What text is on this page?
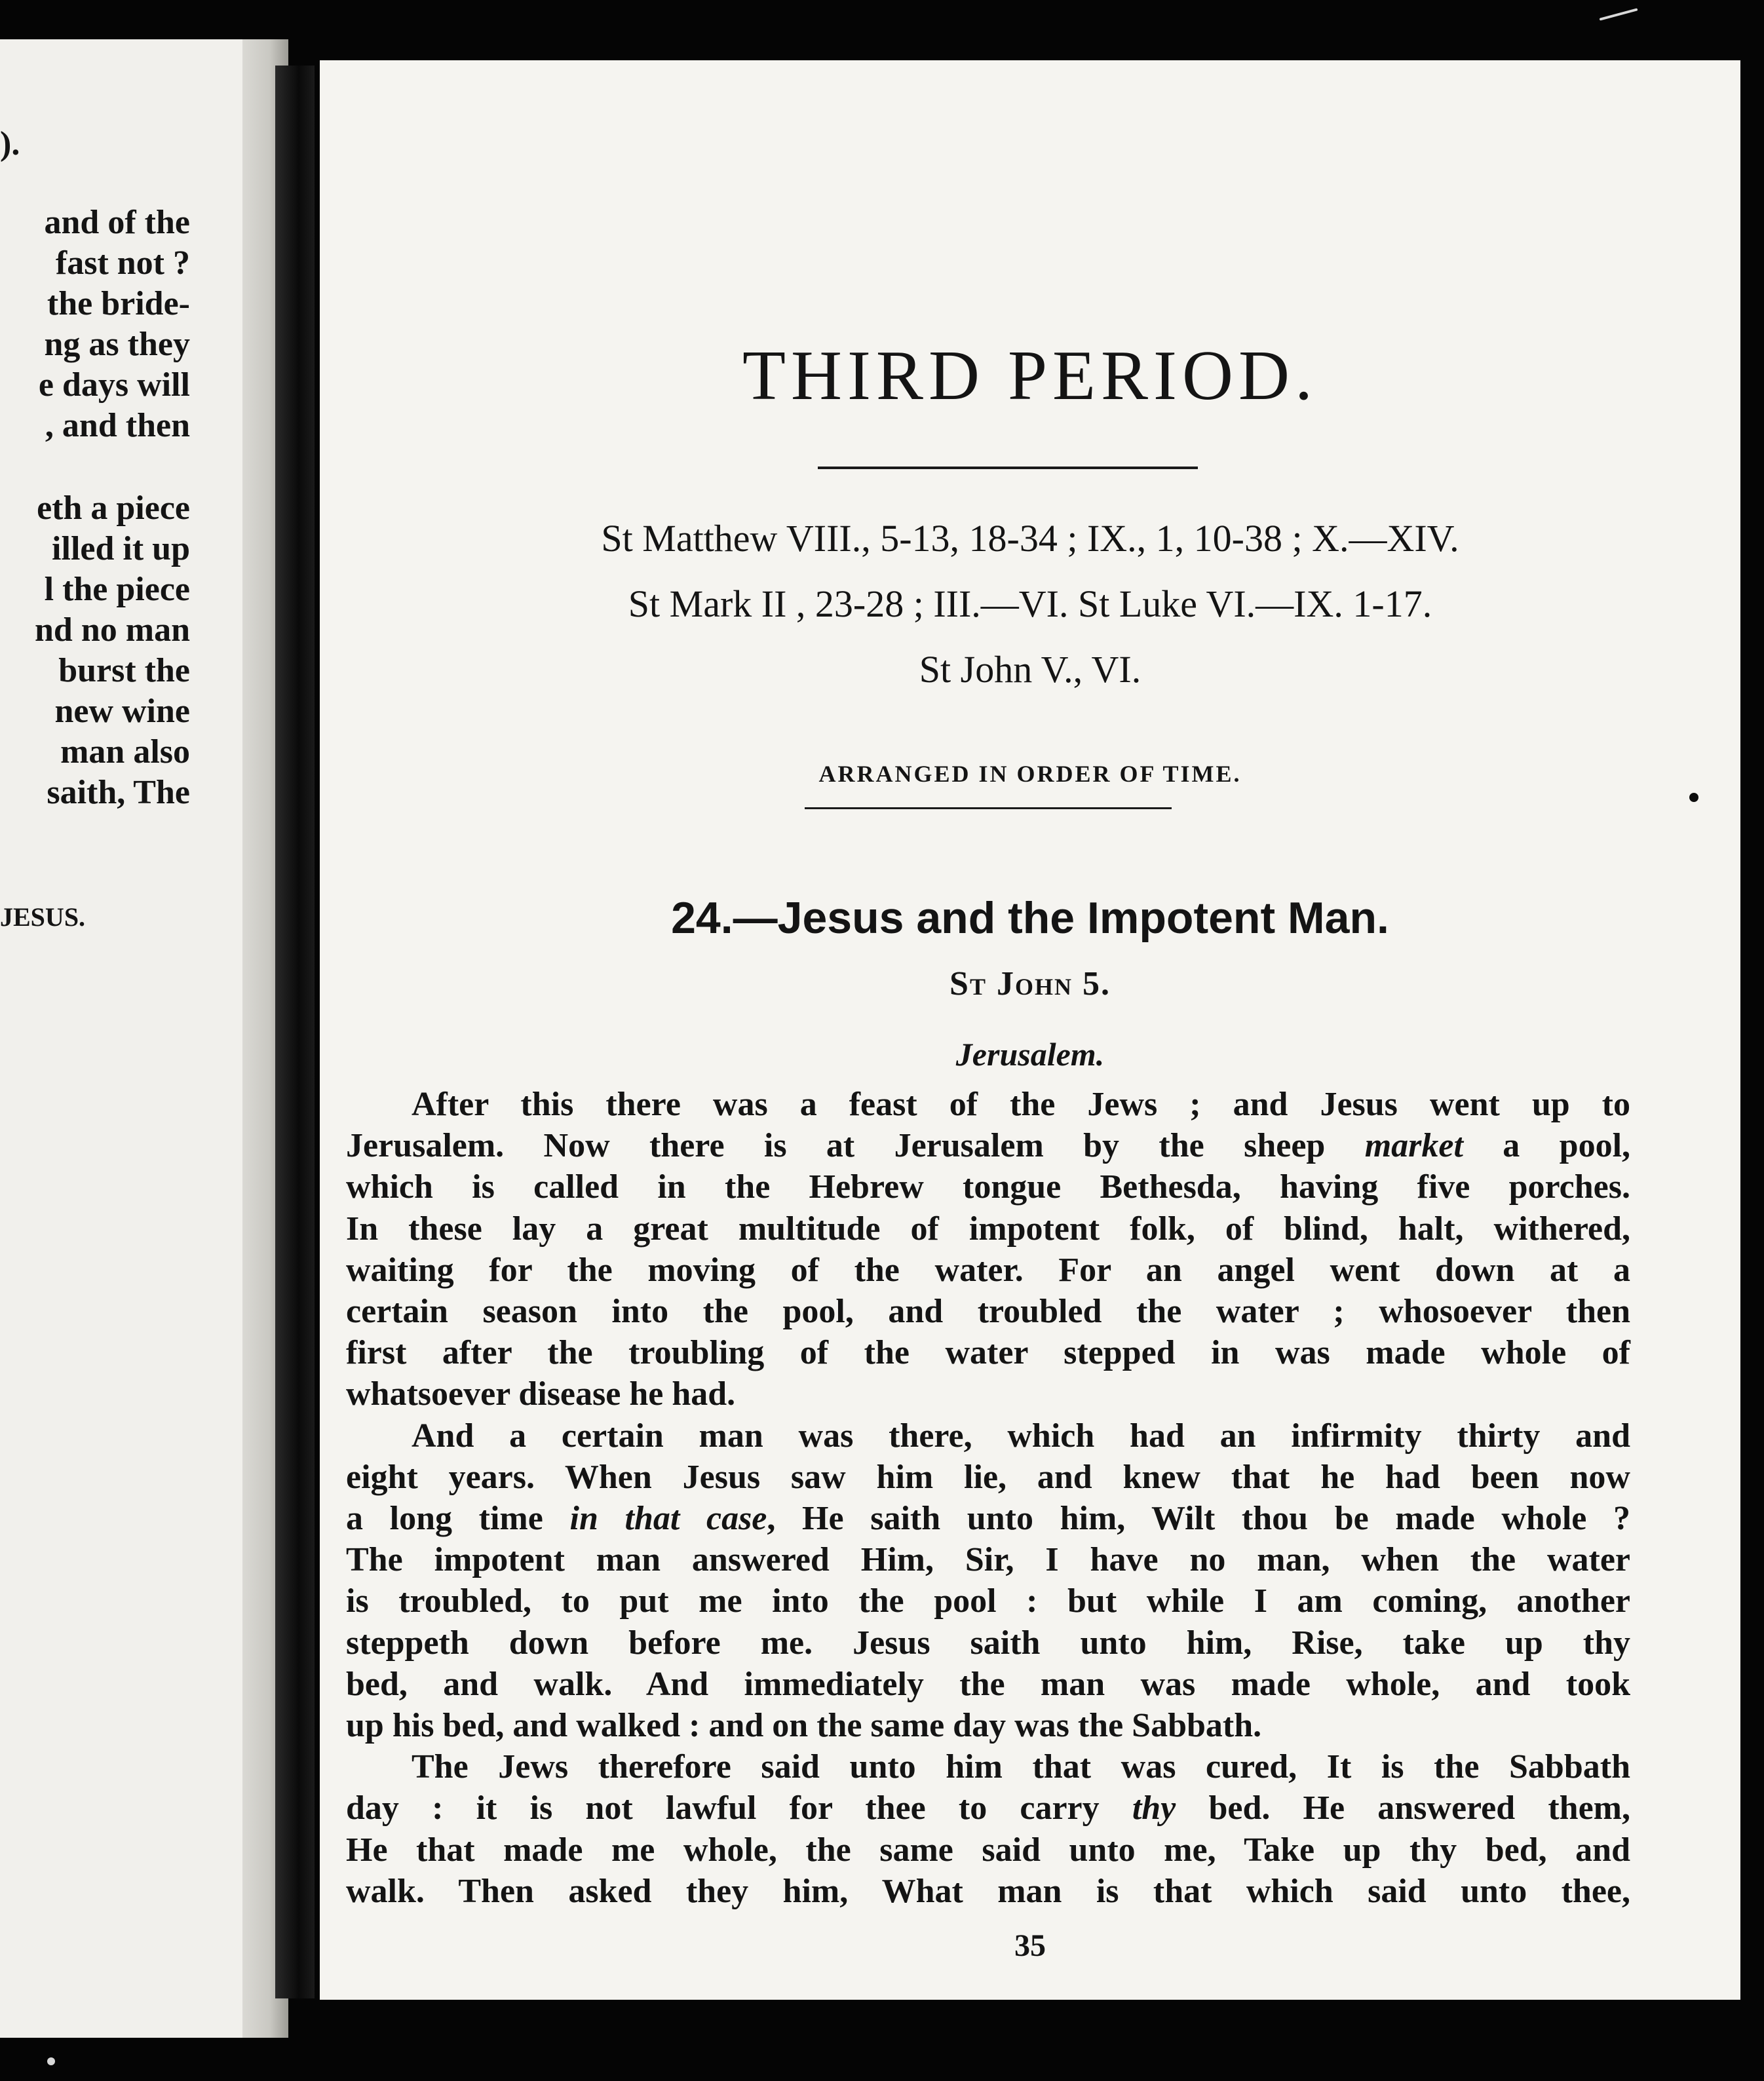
).
and of the
fast not ?
the bride-
ng as they
e days will
, and then
eth a piece
illed it up
l the piece
nd no man
burst the
new wine
man also
saith, The
JESUS.
THIRD PERIOD.
St Matthew VIII., 5-13, 18-34 ; IX., 1, 10-38 ; X.—XIV.
St Mark II , 23-28 ; III.—VI. St Luke VI.—IX. 1-17.
St John V., VI.
ARRANGED IN ORDER OF TIME.
24.—Jesus and the Impotent Man.
St John 5.
Jerusalem.
After this there was a feast of the Jews ; and Jesus went up to
Jerusalem. Now there is at Jerusalem by the sheep market a pool,
which is called in the Hebrew tongue Bethesda, having five porches.
In these lay a great multitude of impotent folk, of blind, halt, withered,
waiting for the moving of the water. For an angel went down at a
certain season into the pool, and troubled the water ; whosoever then
first after the troubling of the water stepped in was made whole of
whatsoever disease he had.
And a certain man was there, which had an infirmity thirty and
eight years. When Jesus saw him lie, and knew that he had been now
a long time in that case, He saith unto him, Wilt thou be made whole ?
The impotent man answered Him, Sir, I have no man, when the water
is troubled, to put me into the pool : but while I am coming, another
steppeth down before me. Jesus saith unto him, Rise, take up thy
bed, and walk. And immediately the man was made whole, and took
up his bed, and walked : and on the same day was the Sabbath.
The Jews therefore said unto him that was cured, It is the Sabbath
day : it is not lawful for thee to carry thy bed. He answered them,
He that made me whole, the same said unto me, Take up thy bed, and
walk. Then asked they him, What man is that which said unto thee,
35
